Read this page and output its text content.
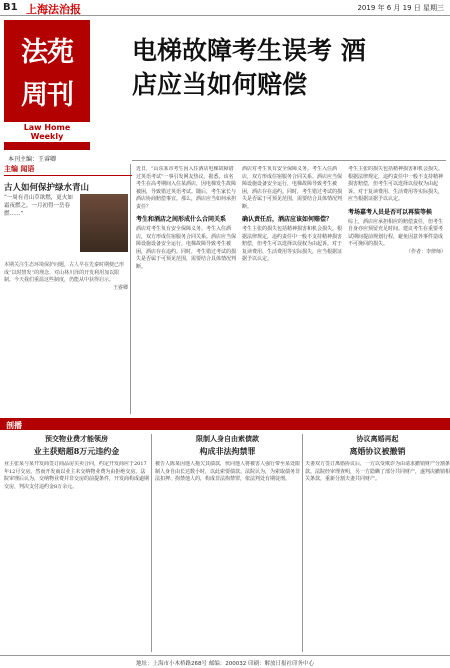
B1 上海法治报	2019 年 6 月 19 日 星期三
法苑
周刊
Law Home Weekly
本刊主编：王睿卿
电梯故障考生误考 酒店应当如何赔偿
主编 闻语
古人如何保护绿水青山
“一周有青山草欲燃，更火如霜夜燃之，一月初得一岳春燃……”
本期关注生态环境保护问题，古人早在先秦时期便已形成“以时禁发”的理念，对山林川泽的开发利用加以限制。今天我们重温这些制度，仍能从中获得启示。
王睿卿
近日，“山东某市考生因入住酒店电梯故障错过英语考试”一事引发网友热议。据悉，该名考生在高考期间入住某酒店，因电梯发生故障被困，导致错过英语考试。随后，考生家长与酒店协商赔偿事宜。那么，酒店应当如何承担责任？
考生和酒店之间形成什么合同关系
酒店对考生负有安全保障义务。考生入住酒店，双方形成住宿服务合同关系。酒店应当保障设施设备安全运行，电梯故障导致考生被困，酒店存在违约。同时，考生错过考试的损失是否属于可预见范围，需要结合具体情况判断。
酒店对考生负有安全保障义务。考生入住酒店，双方形成住宿服务合同关系。酒店应当保障设施设备安全运行，电梯故障导致考生被困，酒店存在违约。同时，考生错过考试的损失是否属于可预见范围，需要结合具体情况判断。
确认责任后，酒店应该如何赔偿？
考生主张的损失包括精神损害和机会损失。根据法律规定，违约责任中一般不支持精神损害赔偿，但考生可以选择以侵权为由起诉。对于复读费用、生活费用等实际损失，应当根据证据予以认定。
考生主张的损失包括精神损害和机会损失。根据法律规定，违约责任中一般不支持精神损害赔偿，但考生可以选择以侵权为由起诉。对于复读费用、生活费用等实际损失，应当根据证据予以认定。
考场嘉考人员是否可以再装等候
综上，酒店应承担相应的赔偿责任，但考生自身亦应预留充足时间。建议考生在重要考试期间提前规划行程，避免因意外事件造成不可挽回的损失。
（作者：李律师）
剖播
预交物业费才能领房
业主获赔超8万元违约金
业主张某与某开发商签订商品房买卖合同，约定开发商应于2017年12月交房。然而开发商以业主未交纳物业费为由拒绝交房。法院审理后认为，交纳物业费并非交房的前提条件，开发商构成逾期交房，判决支付违约金8万余元。
限制人身自由索债款
构成非法拘禁罪
被告人陈某因他人拖欠其债款，伙同他人将被害人强行带至某处限制人身自由长达数小时，以此索要债款。法院认为，为索取债务非法扣押、拘禁他人的，构成非法拘禁罪，依法判处有期徒刑。
协议离婚再起
离婚协议被撤销
夫妻双方签订离婚协议后，一方以受欺诈为由请求撤销财产分割条款。法院经审理查明，另一方隐瞒了部分共同财产，遂判决撤销相关条款，重新分割夫妻共同财产。
地址：上海市小木桥路268号 邮编：200032 印刷：解放日报社印务中心
